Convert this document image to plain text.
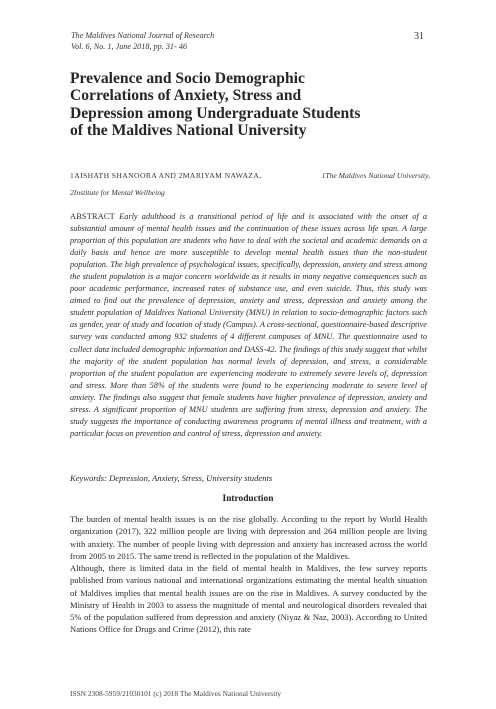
The Maldives National Journal of Research
Vol. 6, No. 1, June 2018, pp. 31- 46
31
Prevalence and Socio Demographic
Correlations of Anxiety, Stress and
Depression among Undergraduate Students
of the Maldives National University
1AISHATH SHANOORA AND 2MARIYAM NAWAZA,	1The Maldives National University,
2Institute for Mental Wellbeing
ABSTRACT Early adulthood is a transitional period of life and is associated with the onset of a substantial amount of mental health issues and the continuation of these issues across life span. A large proportion of this population are students who have to deal with the societal and academic demands on a daily basis and hence are more susceptible to develop mental health issues than the non-student population. The high prevalence of psychological issues, specifically, depression, anxiety and stress among the student population is a major concern worldwide as it results in many negative consequences such as poor academic performance, increased rates of substance use, and even suicide. Thus, this study was aimed to find out the prevalence of depression, anxiety and stress, depression and anxiety among the student population of Maldives National University (MNU) in relation to socio-demographic factors such as gender, year of study and location of study (Campus). A cross-sectional, questionnaire-based descriptive survey was conducted among 932 students of 4 different campuses of MNU. The questionnaire used to collect data included demographic information and DASS-42. The findings of this study suggest that whilst the majority of the student population has normal levels of depression, and stress, a considerable proportion of the student population are experiencing moderate to extremely severe levels of, depression and stress. More than 58% of the students were found to be experiencing moderate to severe level of anxiety. The findings also suggest that female students have higher prevalence of depression, anxiety and stress. A significant proportion of MNU students are suffering from stress, depression and anxiety. The study suggests the importance of conducting awareness programs of mental illness and treatment, with a particular focus on prevention and control of stress, depression and anxiety.
Keywords: Depression, Anxiety, Stress, University students
Introduction

The burden of mental health issues is on the rise globally. According to the report by World Health organization (2017), 322 million people are living with depression and 264 million people are living with anxiety. The number of people living with depression and anxiety has increased across the world from 2005 to 2015. The same trend is reflected in the population of the Maldives.

Although, there is limited data in the field of mental health in Maldives, the few survey reports published from various national and international organizations estimating the mental health situation of Maldives implies that mental health issues are on the rise in Maldives. A survey conducted by the Ministry of Health in 2003 to assess the magnitude of mental and neurological disorders revealed that 5% of the population suffered from depression and anxiety (Niyaz & Naz, 2003). According to United Nations Office for Drugs and Crime (2012), this rate

ISSN 2308-5959/21030101 (c) 2018 The Maldives National University
